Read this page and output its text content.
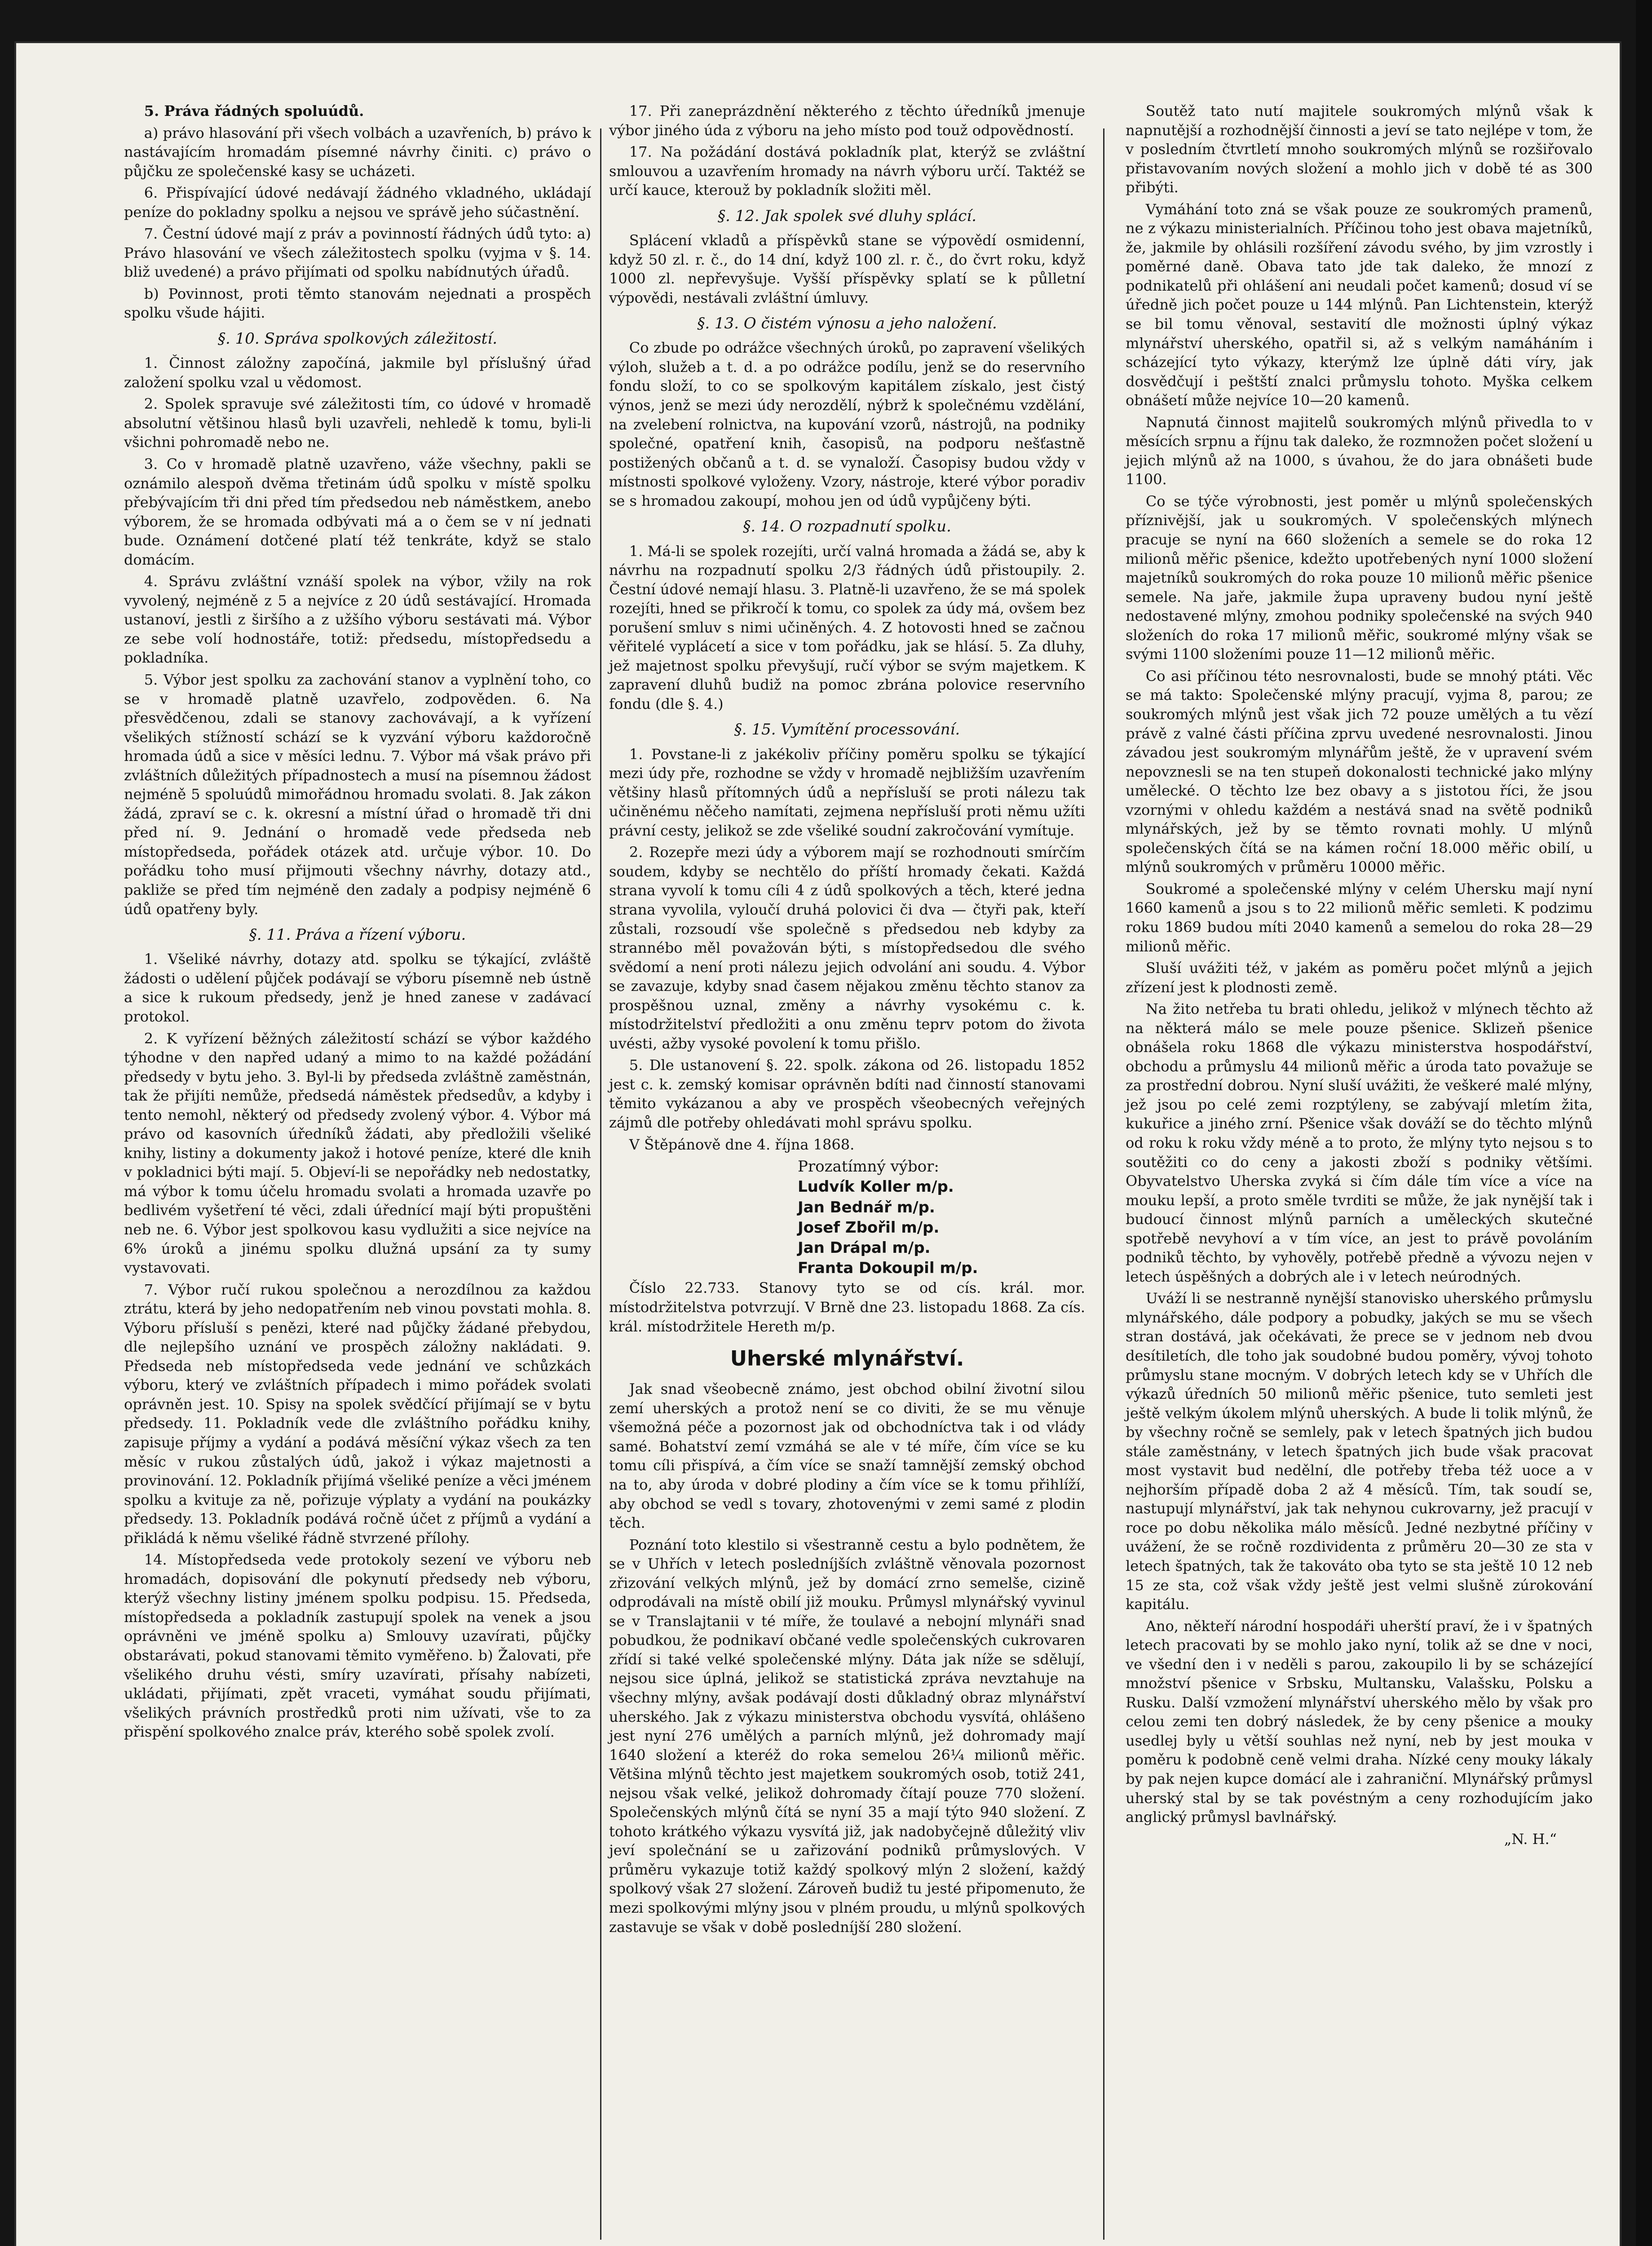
5. Práva řádných spoluúdů.

a) právo hlasování při všech volbách a uzavřeních, b) právo k nastávajícím hromadám písemné návrhy činiti. c) právo o půjčku ze společenské kasy se ucházeti.

6. Přispívající údové nedávají žádného vkladného, ukládají peníze do pokladny spolku a nejsou ve správě jeho súčastnění.

7. Čestní údové mají z práv a povinností řádných údů tyto: a) Právo hlasování ve všech záležitostech spolku (vyjma v §. 14. bliž uvedené) a právo přijímati od spolku nabídnutých úřadů.

b) Povinnost, proti těmto stanovám nejednati a prospěch spolku všude hájiti.

§. 10. Správa spolkových záležitostí.

1. Činnost záložny započíná, jakmile byl příslušný úřad založení spolku vzal u vědomost.

2. Spolek spravuje své záležitosti tím, co údové v hromadě absolutní většinou hlasů byli uzavřeli, nehledě k tomu, byli-li všichni pohromadě nebo ne.

3. Co v hromadě platně uzavřeno, váže všechny, pakli se oznámilo alespoň dvěma třetinám údů spolku v místě spolku přebývajícím tři dni před tím předsedou neb náměstkem, anebo výborem, že se hromada odbývati má a o čem se v ní jednati bude. Oznámení dotčené platí též tenkráte, když se stalo domácím.

4. Správu zvláštní vznáší spolek na výbor, vžily na rok vyvolený, nejméně z 5 a nejvíce z 20 údů sestávající. Hromada ustanoví, jestli z širšího a z užšího výboru sestávati má. Výbor ze sebe volí hodnostáře, totiž: předsedu, místopředsedu a pokladníka.

5. Výbor jest spolku za zachování stanov a vyplnění toho, co se v hromadě platně uzavřelo, zodpověden. 6. Na přesvědčenou, zdali se stanovy zachovávají, a k vyřízení všelikých stížností schází se k vyzvání výboru každoročně hromada údů a sice v měsíci lednu. 7. Výbor má však právo při zvláštních důležitých případnostech a musí na písemnou žádost nejméně 5 spoluúdů mimořádnou hromadu svolati. 8. Jak zákon žádá, zpraví se c. k. okresní a místní úřad o hromadě tři dni před ní. 9. Jednání o hromadě vede předseda neb místopředseda, pořádek otázek atd. určuje výbor. 10. Do pořádku toho musí přijmouti všechny návrhy, dotazy atd., pakliže se před tím nejméně den zadaly a podpisy nejméně 6 údů opatřeny byly.

§. 11. Práva a řízení výboru.

1. Všeliké návrhy, dotazy atd. spolku se týkající, zvláště žádosti o udělení půjček podávají se výboru písemně neb ústně a sice k rukoum předsedy, jenž je hned zanese v zadávací protokol.

2. K vyřízení běžných záležitostí schází se výbor každého týhodne v den napřed udaný a mimo to na každé požádání předsedy v bytu jeho. 3. Byl-li by předseda zvláštně zaměstnán, tak že přijíti nemůže, předsedá náměstek předsedův, a kdyby i tento nemohl, některý od předsedy zvolený výbor. 4. Výbor má právo od kasovních úředníků žádati, aby předložili všeliké knihy, listiny a dokumenty jakož i hotové peníze, které dle knih v pokladnici býti mají. 5. Objeví-li se nepořádky neb nedostatky, má výbor k tomu účelu hromadu svolati a hromada uzavře po bedlivém vyšetření té věci, zdali úřednící mají býti propuštěni neb ne. 6. Výbor jest spolkovou kasu vydlužiti a sice nejvíce na 6% úroků a jinému spolku dlužná upsání za ty sumy vystavovati.

7. Výbor ručí rukou společnou a nerozdílnou za každou ztrátu, která by jeho nedopatřením neb vinou povstati mohla. 8. Výboru přísluší s penězi, které nad půjčky žádané přebydou, dle nejlepšího uznání ve prospěch záložny nakládati. 9. Předseda neb místopředseda vede jednání ve schůzkách výboru, který ve zvláštních případech i mimo pořádek svolati oprávněn jest. 10. Spisy na spolek svědčící přijímají se v bytu předsedy. 11. Pokladník vede dle zvláštního pořádku knihy, zapisuje příjmy a vydání a podává měsíční výkaz všech za ten měsíc v rukou zůstalých údů, jakož i výkaz majetnosti a provinování. 12. Pokladník přijímá všeliké peníze a věci jménem spolku a kvituje za ně, pořizuje výplaty a vydání na poukázky předsedy. 13. Pokladník podává ročně účet z příjmů a vydání a přikládá k němu všeliké řádně stvrzené přílohy.

14. Místopředseda vede protokoly sezení ve výboru neb hromadách, dopisování dle pokynutí předsedy neb výboru, kterýž všechny listiny jménem spolku podpisu. 15. Předseda, místopředseda a pokladník zastupují spolek na venek a jsou oprávněni ve jméně spolku a) Smlouvy uzavírati, půjčky obstarávati, pokud stanovami těmito vyměřeno. b) Žalovati, pře všelikého druhu vésti, smíry uzavírati, přísahy nabízeti, ukládati, přijímati, zpět vraceti, vymáhat soudu přijímati, všelikých právních prostředků proti nim užívati, vše to za přispění spolkového znalce práv, kterého sobě spolek zvolí.

17. Při zaneprázdnění některého z těchto úředníků jmenuje výbor jiného úda z výboru na jeho místo pod touž odpovědností.

17. Na požádání dostává pokladník plat, kterýž se zvláštní smlouvou a uzavřením hromady na návrh výboru určí. Taktéž se určí kauce, kterouž by pokladník složiti měl.

§. 12. Jak spolek své dluhy splácí.

Splácení vkladů a příspěvků stane se výpovědí osmidenní, když 50 zl. r. č., do 14 dní, když 100 zl. r. č., do čvrt roku, když 1000 zl. nepřevyšuje. Vyšší příspěvky splatí se k půlletní výpovědi, nestávali zvláštní úmluvy.

§. 13. O čistém výnosu a jeho naložení.

Co zbude po odrážce všechných úroků, po zapravení všelikých výloh, služeb a t. d. a po odrážce podílu, jenž se do reservního fondu složí, to co se spolkovým kapitálem získalo, jest čistý výnos, jenž se mezi údy nerozdělí, nýbrž k společnému vzdělání, na zvelebení rolnictva, na kupování vzorů, nástrojů, na podniky společné, opatření knih, časopisů, na podporu nešťastně postižených občanů a t. d. se vynaloží. Časopisy budou vždy v místnosti spolkové vyloženy. Vzory, nástroje, které výbor poradiv se s hromadou zakoupí, mohou jen od údů vypůjčeny býti.

§. 14. O rozpadnutí spolku.

1. Má-li se spolek rozejíti, určí valná hromada a žádá se, aby k návrhu na rozpadnutí spolku 2/3 řádných údů přistoupily. 2. Čestní údové nemají hlasu. 3. Platně-li uzavřeno, že se má spolek rozejíti, hned se přikročí k tomu, co spolek za údy má, ovšem bez porušení smluv s nimi učiněných. 4. Z hotovosti hned se začnou věřitelé vyplácetí a sice v tom pořádku, jak se hlásí. 5. Za dluhy, jež majetnost spolku převyšují, ručí výbor se svým majetkem. K zapravení dluhů budiž na pomoc zbrána polovice reservního fondu (dle §. 4.)

§. 15. Vymítění processování.

1. Povstane-li z jakékoliv příčiny poměru spolku se týkající mezi údy pře, rozhodne se vždy v hromadě nejbližším uzavřením většiny hlasů přítomných údů a nepřísluší se proti nálezu tak učiněnému něčeho namítati, zejmena nepřísluší proti němu užíti právní cesty, jelikož se zde všeliké soudní zakročování vymítuje.

2. Rozepře mezi údy a výborem mají se rozhodnouti smírčím soudem, kdyby se nechtělo do příští hromady čekati. Každá strana vyvolí k tomu cíli 4 z údů spolkových a těch, které jedna strana vyvolila, vyloučí druhá polovici či dva — čtyři pak, kteří zůstali, rozsoudí vše společně s předsedou neb kdyby za strannébo měl považován býti, s místopředsedou dle svého svědomí a není proti nálezu jejich odvolání ani soudu. 4. Výbor se zavazuje, kdyby snad časem nějakou změnu těchto stanov za prospěšnou uznal, změny a návrhy vysokému c. k. místodržitelství předložiti a onu změnu teprv potom do života uvésti, ažby vysoké povolení k tomu přišlo.

5. Dle ustanovení §. 22. spolk. zákona od 26. listopadu 1852 jest c. k. zemský komisar oprávněn bdíti nad činností stanovami těmito vykázanou a aby ve prospěch všeobecných veřejných zájmů dle potřeby ohledávati mohl správu spolku.

V Štěpánově dne 4. října 1868.

Prozatímný výbor:
Ludvík Koller m/p.
Jan Bednář m/p.
Josef Zbořil m/p.
Jan Drápal m/p.
Franta Dokoupil m/p.

Číslo 22.733. Stanovy tyto se od cís. král. mor. místodržitelstva potvrzují. V Brně dne 23. listopadu 1868. Za cís. král. místodržitele Hereth m/p.

Uherské mlynářství.

Jak snad všeobecně známo, jest obchod obilní životní silou zemí uherských a protož není se co diviti, že se mu věnuje všemožná péče a pozornost jak od obchodníctva tak i od vlády samé. Bohatství zemí vzmáhá se ale v té míře, čím více se ku tomu cíli přispívá, a čím více se snaží tamnější zemský obchod na to, aby úroda v dobré plodiny a čím více se k tomu přihlíží, aby obchod se vedl s tovary, zhotovenými v zemi samé z plodin těch.

Poznání toto klestilo si všestranně cestu a bylo podnětem, že se v Uhřích v letech posledníjších zvláštně věnovala pozornost zřizování velkých mlýnů, jež by domácí zrno semelše, cizině odprodávali na místě obilí již mouku. Průmysl mlynářský vyvinul se v Translajtanii v té míře, že toulavé a nebojní mlynáři snad pobudkou, že podnikaví občané vedle společenských cukrovaren zřídí si také velké společenské mlýny. Dáta jak níže se sdělují, nejsou sice úplná, jelikož se statistická zpráva nevztahuje na všechny mlýny, avšak podávají dosti důkladný obraz mlynářství uherského. Jak z výkazu ministerstva obchodu vysvítá, ohlášeno jest nyní 276 umělých a parních mlýnů, jež dohromady mají 1640 složení a kteréž do roka semelou 26¼ milionů měřic. Většina mlýnů těchto jest majetkem soukromých osob, totiž 241, nejsou však velké, jelikož dohromady čítají pouze 770 složení. Společenských mlýnů čítá se nyní 35 a mají týto 940 složení. Z tohoto krátkého výkazu vysvítá již, jak nadobyčejně důležitý vliv jeví společnání se u zařizování podniků průmyslových. V průměru vykazuje totiž každý spolkový mlýn 2 složení, každý spolkový však 27 složení. Zároveň budiž tu jesté připomenuto, že mezi spolkovými mlýny jsou v plném proudu, u mlýnů spolkových zastavuje se však v době posledníjší 280 složení.

Soutěž tato nutí majitele soukromých mlýnů však k napnutější a rozhodnější činnosti a jeví se tato nejlépe v tom, že v posledním čtvrtletí mnoho soukromých mlýnů se rozšiřovalo přistavovaním nových složení a mohlo jich v době té as 300 přibýti.

Vymáhání toto zná se však pouze ze soukromých pramenů, ne z výkazu ministerialních. Příčinou toho jest obava majetníků, že, jakmile by ohlásili rozšíření závodu svého, by jim vzrostly i poměrné daně. Obava tato jde tak daleko, že mnozí z podnikatelů při ohlášení ani neudali počet kamenů; dosud ví se úředně jich počet pouze u 144 mlýnů. Pan Lichtenstein, kterýž se bil tomu věnoval, sestavití dle možnosti úplný výkaz mlynářství uherského, opatřil si, až s velkým namáháním i scházející tyto výkazy, kterýmž lze úplně dáti víry, jak dosvědčují i peštští znalci průmyslu tohoto. Myška celkem obnášetí může nejvíce 10—20 kamenů.

Napnutá činnost majitelů soukromých mlýnů přivedla to v měsících srpnu a říjnu tak daleko, že rozmnožen počet složení u jejich mlýnů až na 1000, s úvahou, že do jara obnášeti bude 1100.

Co se týče výrobnosti, jest poměr u mlýnů společenských příznivější, jak u soukromých. V společenských mlýnech pracuje se nyní na 660 složeních a semele se do roka 12 milionů měřic pšenice, kdežto upotřebených nyní 1000 složení majetníků soukromých do roka pouze 10 milionů měřic pšenice semele. Na jaře, jakmile župa upraveny budou nyní ještě nedostavené mlýny, zmohou podniky společenské na svých 940 složeních do roka 17 milionů měřic, soukromé mlýny však se svými 1100 složeními pouze 11—12 milionů měřic.

Co asi příčinou této nesrovnalosti, bude se mnohý ptáti. Věc se má takto: Společenské mlýny pracují, vyjma 8, parou; ze soukromých mlýnů jest však jich 72 pouze umělých a tu vězí právě z valné části příčina zprvu uvedené nesrovnalosti. Jinou závadou jest soukromým mlynářům ještě, že v upravení svém nepovznesli se na ten stupeň dokonalosti technické jako mlýny umělecké. O těchto lze bez obavy a s jistotou říci, že jsou vzornými v ohledu každém a nestává snad na světě podniků mlynářských, jež by se těmto rovnati mohly. U mlýnů společenských čítá se na kámen roční 18.000 měřic obilí, u mlýnů soukromých v průměru 10000 měřic.

Soukromé a společenské mlýny v celém Uhersku mají nyní 1660 kamenů a jsou s to 22 milionů měřic semleti. K podzimu roku 1869 budou míti 2040 kamenů a semelou do roka 28—29 milionů měřic.

Sluší uvážiti též, v jakém as poměru počet mlýnů a jejich zřízení jest k plodnosti země.

Na žito netřeba tu brati ohledu, jelikož v mlýnech těchto až na některá málo se mele pouze pšenice. Sklizeň pšenice obnášela roku 1868 dle výkazu ministerstva hospodářství, obchodu a průmyslu 44 milionů měřic a úroda tato považuje se za prostřední dobrou. Nyní sluší uvážiti, že veškeré malé mlýny, jež jsou po celé zemi rozptýleny, se zabývají mletím žita, kukuřice a jiného zrní. Pšenice však dováží se do těchto mlýnů od roku k roku vždy méně a to proto, že mlýny tyto nejsou s to soutěžiti co do ceny a jakosti zboží s podniky většími. Obyvatelstvo Uherska zvyká si čím dále tím více a více na mouku lepší, a proto směle tvrditi se může, že jak nynější tak i budoucí činnost mlýnů parních a uměleckých skutečné spotřebě nevyhoví a v tím více, an jest to právě povoláním podniků těchto, by vyhověly, potřebě předně a vývozu nejen v letech úspěšných a dobrých ale i v letech neúrodných.

Uváží li se nestranně nynější stanovisko uherského průmyslu mlynářského, dále podpory a pobudky, jakých se mu se všech stran dostává, jak očekávati, že prece se v jednom neb dvou desítiletích, dle toho jak soudobné budou poměry, vývoj tohoto průmyslu stane mocným. V dobrých letech kdy se v Uhřích dle výkazů úředních 50 milionů měřic pšenice, tuto semleti jest ještě velkým úkolem mlýnů uherských. A bude li tolik mlýnů, že by všechny ročně se semlely, pak v letech špatných jich budou stále zaměstnány, v letech špatných jich bude však pracovat most vystavit bud nedělní, dle potřeby třeba též uoce a v nejhorším případě doba 2 až 4 měsíců. Tím, tak soudí se, nastupují mlynářství, jak tak nehynou cukrovarny, jež pracují v roce po dobu několika málo měsíců. Jedné nezbytné příčiny v uvážení, že se ročně rozdividenta z průměru 20—30 ze sta v letech špatných, tak že takováto oba tyto se sta ještě 10 12 neb 15 ze sta, což však vždy ještě jest velmi slušně zúrokování kapitálu.

Ano, někteří národní hospodáři uherští praví, že i v špatných letech pracovati by se mohlo jako nyní, tolik až se dne v noci, ve všední den i v neděli s parou, zakoupilo li by se scházející množství pšenice v Srbsku, Multansku, Valašsku, Polsku a Rusku. Další vzmožení mlynářství uherského mělo by však pro celou zemi ten dobrý následek, že by ceny pšenice a mouky usedlej byly u větší souhlas než nyní, neb by jest mouka v poměru k podobně ceně velmi draha. Nízké ceny mouky lákaly by pak nejen kupce domácí ale i zahraniční. Mlynářský průmysl uherský stal by se tak povéstným a ceny rozhodujícím jako anglický průmysl bavlnářský.

„N. H.“
